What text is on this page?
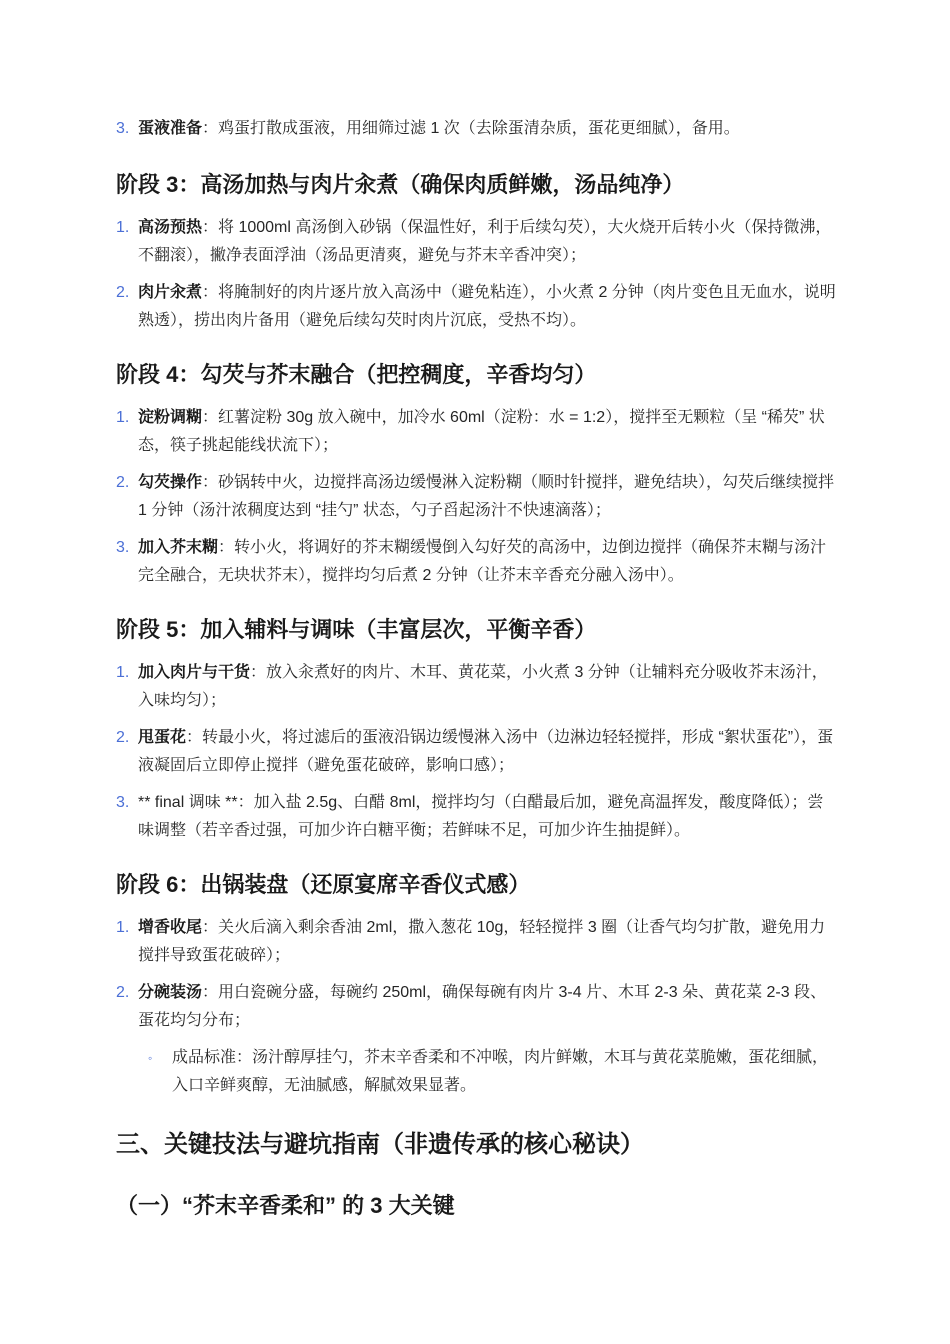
3. 蛋液准备：鸡蛋打散成蛋液，用细筛过滤 1 次（去除蛋清杂质，蛋花更细腻），备用。
阶段 3：高汤加热与肉片汆煮（确保肉质鲜嫩，汤品纯净）
1. 高汤预热：将 1000ml 高汤倒入砂锅（保温性好，利于后续勾芡），大火烧开后转小火（保持微沸，不翻滚），撇净表面浮油（汤品更清爽，避免与芥末辛香冲突）；
2. 肉片汆煮：将腌制好的肉片逐片放入高汤中（避免粘连），小火煮 2 分钟（肉片变色且无血水，说明熟透），捞出肉片备用（避免后续勾芡时肉片沉底，受热不均）。
阶段 4：勾芡与芥末融合（把控稠度，辛香均匀）
1. 淀粉调糊：红薯淀粉 30g 放入碗中，加冷水 60ml（淀粉：水 = 1:2），搅拌至无颗粒（呈 “稀芡” 状态，筷子挑起能线状流下）；
2. 勾芡操作：砂锅转中火，边搅拌高汤边缓慢淋入淀粉糊（顺时针搅拌，避免结块），勾芡后继续搅拌 1 分钟（汤汁浓稠度达到 “挂勺” 状态，勺子舀起汤汁不快速滴落）；
3. 加入芥末糊：转小火，将调好的芥末糊缓慢倒入勾好芡的高汤中，边倒边搅拌（确保芥末糊与汤汁完全融合，无块状芥末），搅拌均匀后煮 2 分钟（让芥末辛香充分融入汤中）。
阶段 5：加入辅料与调味（丰富层次，平衡辛香）
1. 加入肉片与干货：放入汆煮好的肉片、木耳、黄花菜，小火煮 3 分钟（让辅料充分吸收芥末汤汁，入味均匀）；
2. 甩蛋花：转最小火，将过滤后的蛋液沿锅边缓慢淋入汤中（边淋边轻轻搅拌，形成 “絮状蛋花”），蛋液凝固后立即停止搅拌（避免蛋花破碎，影响口感）；
3. ** final 调味 **：加入盐 2.5g、白醋 8ml，搅拌均匀（白醋最后加，避免高温挥发，酸度降低）；尝味调整（若辛香过强，可加少许白糖平衡；若鲜味不足，可加少许生抽提鲜）。
阶段 6：出锅装盘（还原宴席辛香仪式感）
1. 增香收尾：关火后滴入剩余香油 2ml，撒入葱花 10g，轻轻搅拌 3 圈（让香气均匀扩散，避免用力搅拌导致蛋花破碎）；
2. 分碗装汤：用白瓷碗分盛，每碗约 250ml，确保每碗有肉片 3-4 片、木耳 2-3 朵、黄花菜 2-3 段、蛋花均匀分布；
◦ 成品标准：汤汁醇厚挂勺，芥末辛香柔和不冲喉，肉片鲜嫩，木耳与黄花菜脆嫩，蛋花细腻，入口辛鲜爽醇，无油腻感，解腻效果显著。
三、关键技法与避坑指南（非遗传承的核心秘诀）
（一）“芥末辛香柔和” 的 3 大关键
